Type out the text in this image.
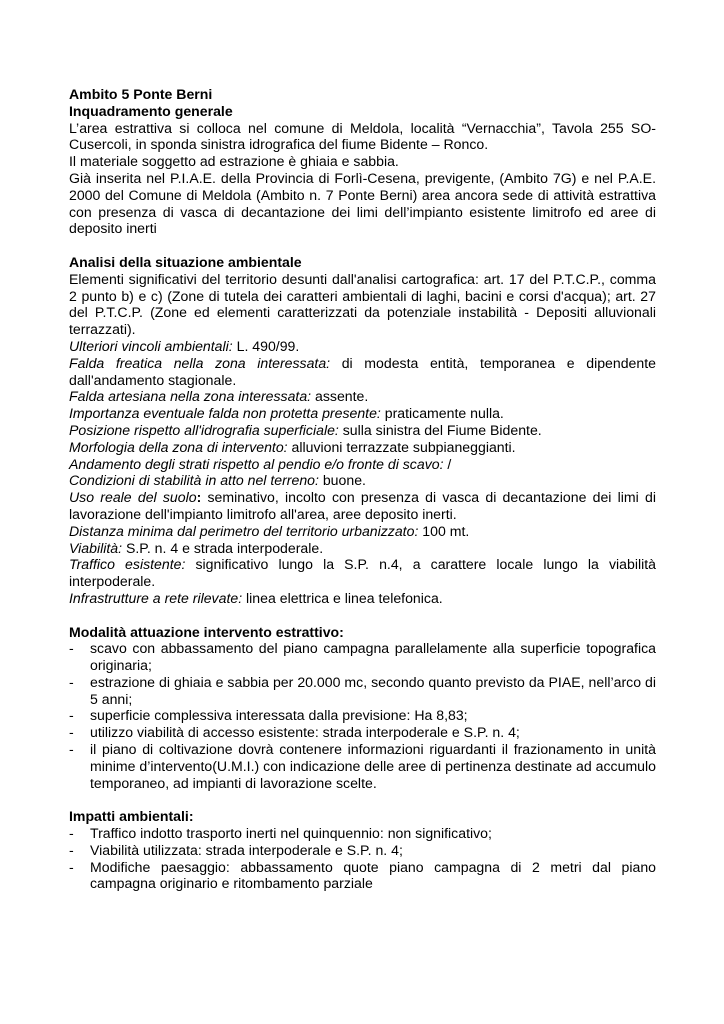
Ambito 5 Ponte Berni

Inquadramento generale

L’area estrattiva si colloca nel comune di Meldola, località “Vernacchia”, Tavola 255 SO-Cusercoli, in sponda sinistra idrografica del fiume Bidente – Ronco.

Il materiale soggetto ad estrazione è ghiaia e sabbia.

Già inserita nel P.I.A.E. della Provincia di Forlì-Cesena, previgente, (Ambito 7G) e nel P.A.E. 2000 del Comune di Meldola (Ambito n. 7 Ponte Berni) area ancora sede di attività estrattiva con presenza di vasca di decantazione dei limi dell’impianto esistente limitrofo ed aree di deposito inerti

Analisi della situazione ambientale

Elementi significativi del territorio desunti dall'analisi cartografica: art. 17 del P.T.C.P., comma 2 punto b) e c) (Zone di tutela dei caratteri ambientali di laghi, bacini e corsi d'acqua); art. 27 del P.T.C.P. (Zone ed elementi caratterizzati da potenziale instabilità - Depositi alluvionali terrazzati).

Ulteriori vincoli ambientali: L. 490/99.

Falda freatica nella zona interessata: di modesta entità, temporanea e dipendente dall'andamento stagionale.

Falda artesiana nella zona interessata: assente.

Importanza eventuale falda non protetta presente: praticamente nulla.

Posizione rispetto all'idrografia superficiale: sulla sinistra del Fiume Bidente.

Morfologia della zona di intervento: alluvioni terrazzate subpianeggianti.

Andamento degli strati rispetto al pendio e/o fronte di scavo: /

Condizioni di stabilità in atto nel terreno: buone.

Uso reale del suolo: seminativo, incolto con presenza di vasca di decantazione dei limi di lavorazione dell'impianto limitrofo all'area, aree deposito inerti.

Distanza minima dal perimetro del territorio urbanizzato: 100 mt.

Viabilità: S.P. n. 4 e strada interpoderale.

Traffico esistente: significativo lungo la S.P. n.4, a carattere locale lungo la viabilità interpoderale.

Infrastrutture a rete rilevate: linea elettrica e linea telefonica.

Modalità attuazione intervento estrattivo:

- scavo con abbassamento del piano campagna parallelamente alla superficie topografica originaria;
- estrazione di ghiaia e sabbia per 20.000 mc, secondo quanto previsto da PIAE, nell’arco di 5 anni;
- superficie complessiva interessata dalla previsione: Ha 8,83;
- utilizzo viabilità di accesso esistente: strada interpoderale e S.P. n. 4;
- il piano di coltivazione dovrà contenere informazioni riguardanti il frazionamento in unità minime d’intervento(U.M.I.) con indicazione delle aree di pertinenza destinate ad accumulo temporaneo, ad impianti di lavorazione scelte.

Impatti ambientali:

- Traffico indotto trasporto inerti nel quinquennio: non significativo;
- Viabilità utilizzata: strada interpoderale e S.P. n. 4;
- Modifiche paesaggio: abbassamento quote piano campagna di 2 metri dal piano campagna originario e ritombamento parziale
